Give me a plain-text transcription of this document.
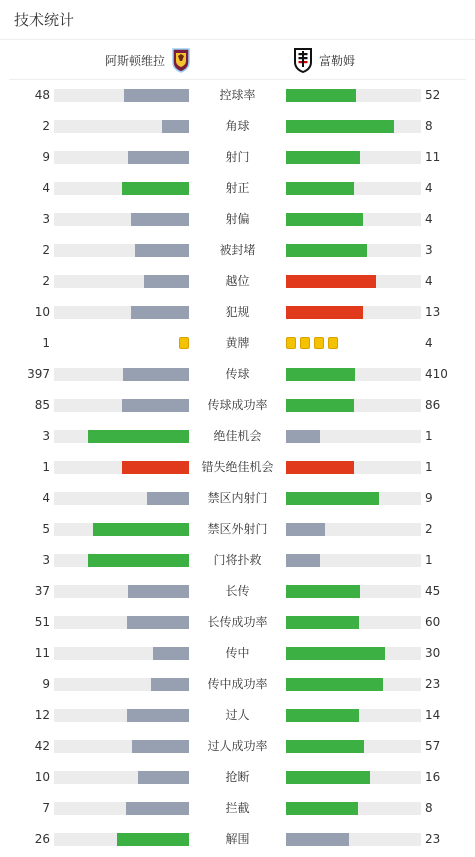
技术统计
阿斯顿维拉	富勒姆
48	控球率	52
2	角球	8
9	射门	11
4	射正	4
3	射偏	4
2	被封堵	3
2	越位	4
10	犯规	13
1	黄牌	4
397	传球	410
85	传球成功率	86
3	绝佳机会	1
1	错失绝佳机会	1
4	禁区内射门	9
5	禁区外射门	2
3	门将扑救	1
37	长传	45
51	长传成功率	60
11	传中	30
9	传中成功率	23
12	过人	14
42	过人成功率	57
10	抢断	16
7	拦截	8
26	解围	23
